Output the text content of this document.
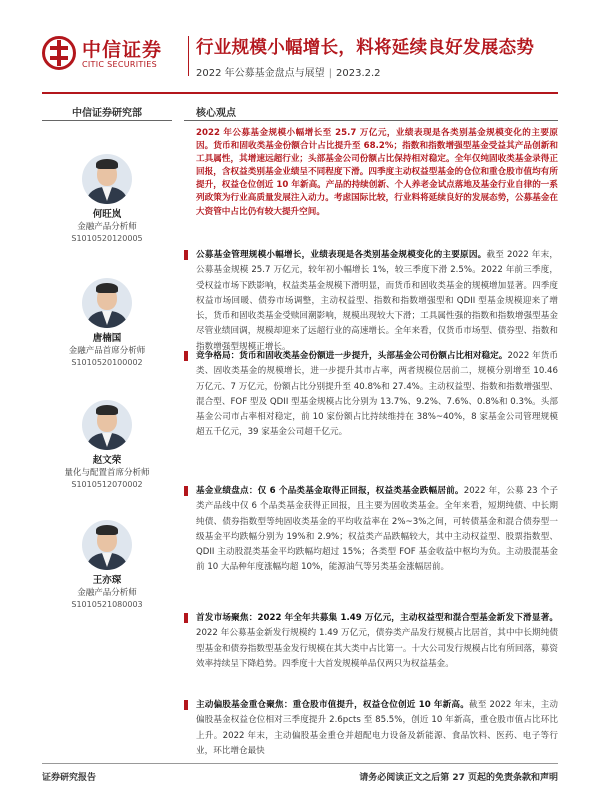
中信证券
CITIC SECURITIES
行业规模小幅增长，料将延续良好发展态势
2022 年公募基金盘点与展望 | 2023.2.2
中信证券研究部	核心观点
何旺岚
金融产品分析师
S1010520120005
唐楠国
金融产品首席分析师
S1010520100002
赵文荣
量化与配置首席分析师
S1010512070002
王亦琛
金融产品分析师
S1010521080003
2022 年公募基金规模小幅增长至 25.7 万亿元，业绩表现是各类别基金规模变化的主要原因。货币和固收类基金份额合计占比提升至 68.2%；指数和指数增强型基金受益其产品创新和工具属性，其增速远超行业；头部基金公司份额占比保持相对稳定。全年仅纯固收类基金录得正回报，含权益类别基金业绩呈不同程度下滑。四季度主动权益型基金的仓位和重仓股市值均有所提升，权益仓位创近 10 年新高。产品的持续创新、个人养老金试点落地及基金行业自律的一系列政策为行业高质量发展注入动力。考虑国际比较，行业料将延续良好的发展态势，公募基金在大资管中占比仍有较大提升空间。
公募基金管理规模小幅增长，业绩表现是各类别基金规模变化的主要原因。截至 2022 年末，公募基金规模 25.7 万亿元，较年初小幅增长 1%，较三季度下滑 2.5%。2022 年前三季度，受权益市场下跌影响，权益类基金规模下滑明显，而货币和固收类基金的规模增加显著。四季度权益市场回暖、债券市场调整，主动权益型、指数和指数增强型和 QDII 型基金规模迎来了增长，货币和固收类基金受赎回潮影响，规模出现较大下滑；工具属性强的指数和指数增强型基金尽管业绩回调，规模却迎来了远超行业的高速增长。全年来看，仅货币市场型、债券型、指数和指数增强型规模正增长。
竞争格局：货币和固收类基金份额进一步提升，头部基金公司份额占比相对稳定。2022 年货币类、固收类基金的规模增长，进一步提升其市占率，两者规模位居前二，规模分别增至 10.46 万亿元、7 万亿元，份额占比分别提升至 40.8%和 27.4%。主动权益型、指数和指数增强型、混合型、FOF 型及 QDII 型基金规模占比分别为 13.7%、9.2%、7.6%、0.8%和 0.3%。头部基金公司市占率相对稳定，前 10 家份额占比持续维持在 38%~40%，8 家基金公司管理规模超五千亿元，39 家基金公司超千亿元。
基金业绩盘点：仅 6 个品类基金取得正回报，权益类基金跌幅居前。2022 年，公募 23 个子类产品线中仅 6 个品类基金获得正回报，且主要为固收类基金。全年来看，短期纯债、中长期纯债、债券指数型等纯固收类基金的平均收益率在 2%~3%之间，可转债基金和混合债券型一级基金平均跌幅分别为 19%和 2.9%；权益类产品跌幅较大，其中主动权益型、股票指数型、QDII 主动股混类基金平均跌幅均超过 15%；各类型 FOF 基金收益中枢均为负。主动股混基金前 10 大品种年度涨幅均超 10%，能源油气等另类基金涨幅居前。
首发市场聚焦：2022 年全年共募集 1.49 万亿元，主动权益型和混合型基金新发下滑显著。2022 年公募基金新发行规模约 1.49 万亿元，债券类产品发行规模占比居首，其中中长期纯债型基金和债券指数型基金发行规模在其大类中占比第一。十大公司发行规模占比有所回落，募资效率持续呈下降趋势。四季度十大首发规模单品仅两只为权益基金。
主动偏股基金重仓聚焦：重仓股市值提升，权益仓位创近 10 年新高。截至 2022 年末，主动偏股基金权益仓位相对三季度提升 2.6pcts 至 85.5%，创近 10 年新高，重仓股市值占比环比上升。2022 年末，主动偏股基金重仓并超配电力设备及新能源、食品饮料、医药、电子等行业，环比增仓最快
证券研究报告	请务必阅读正文之后第 27 页起的免责条款和声明
